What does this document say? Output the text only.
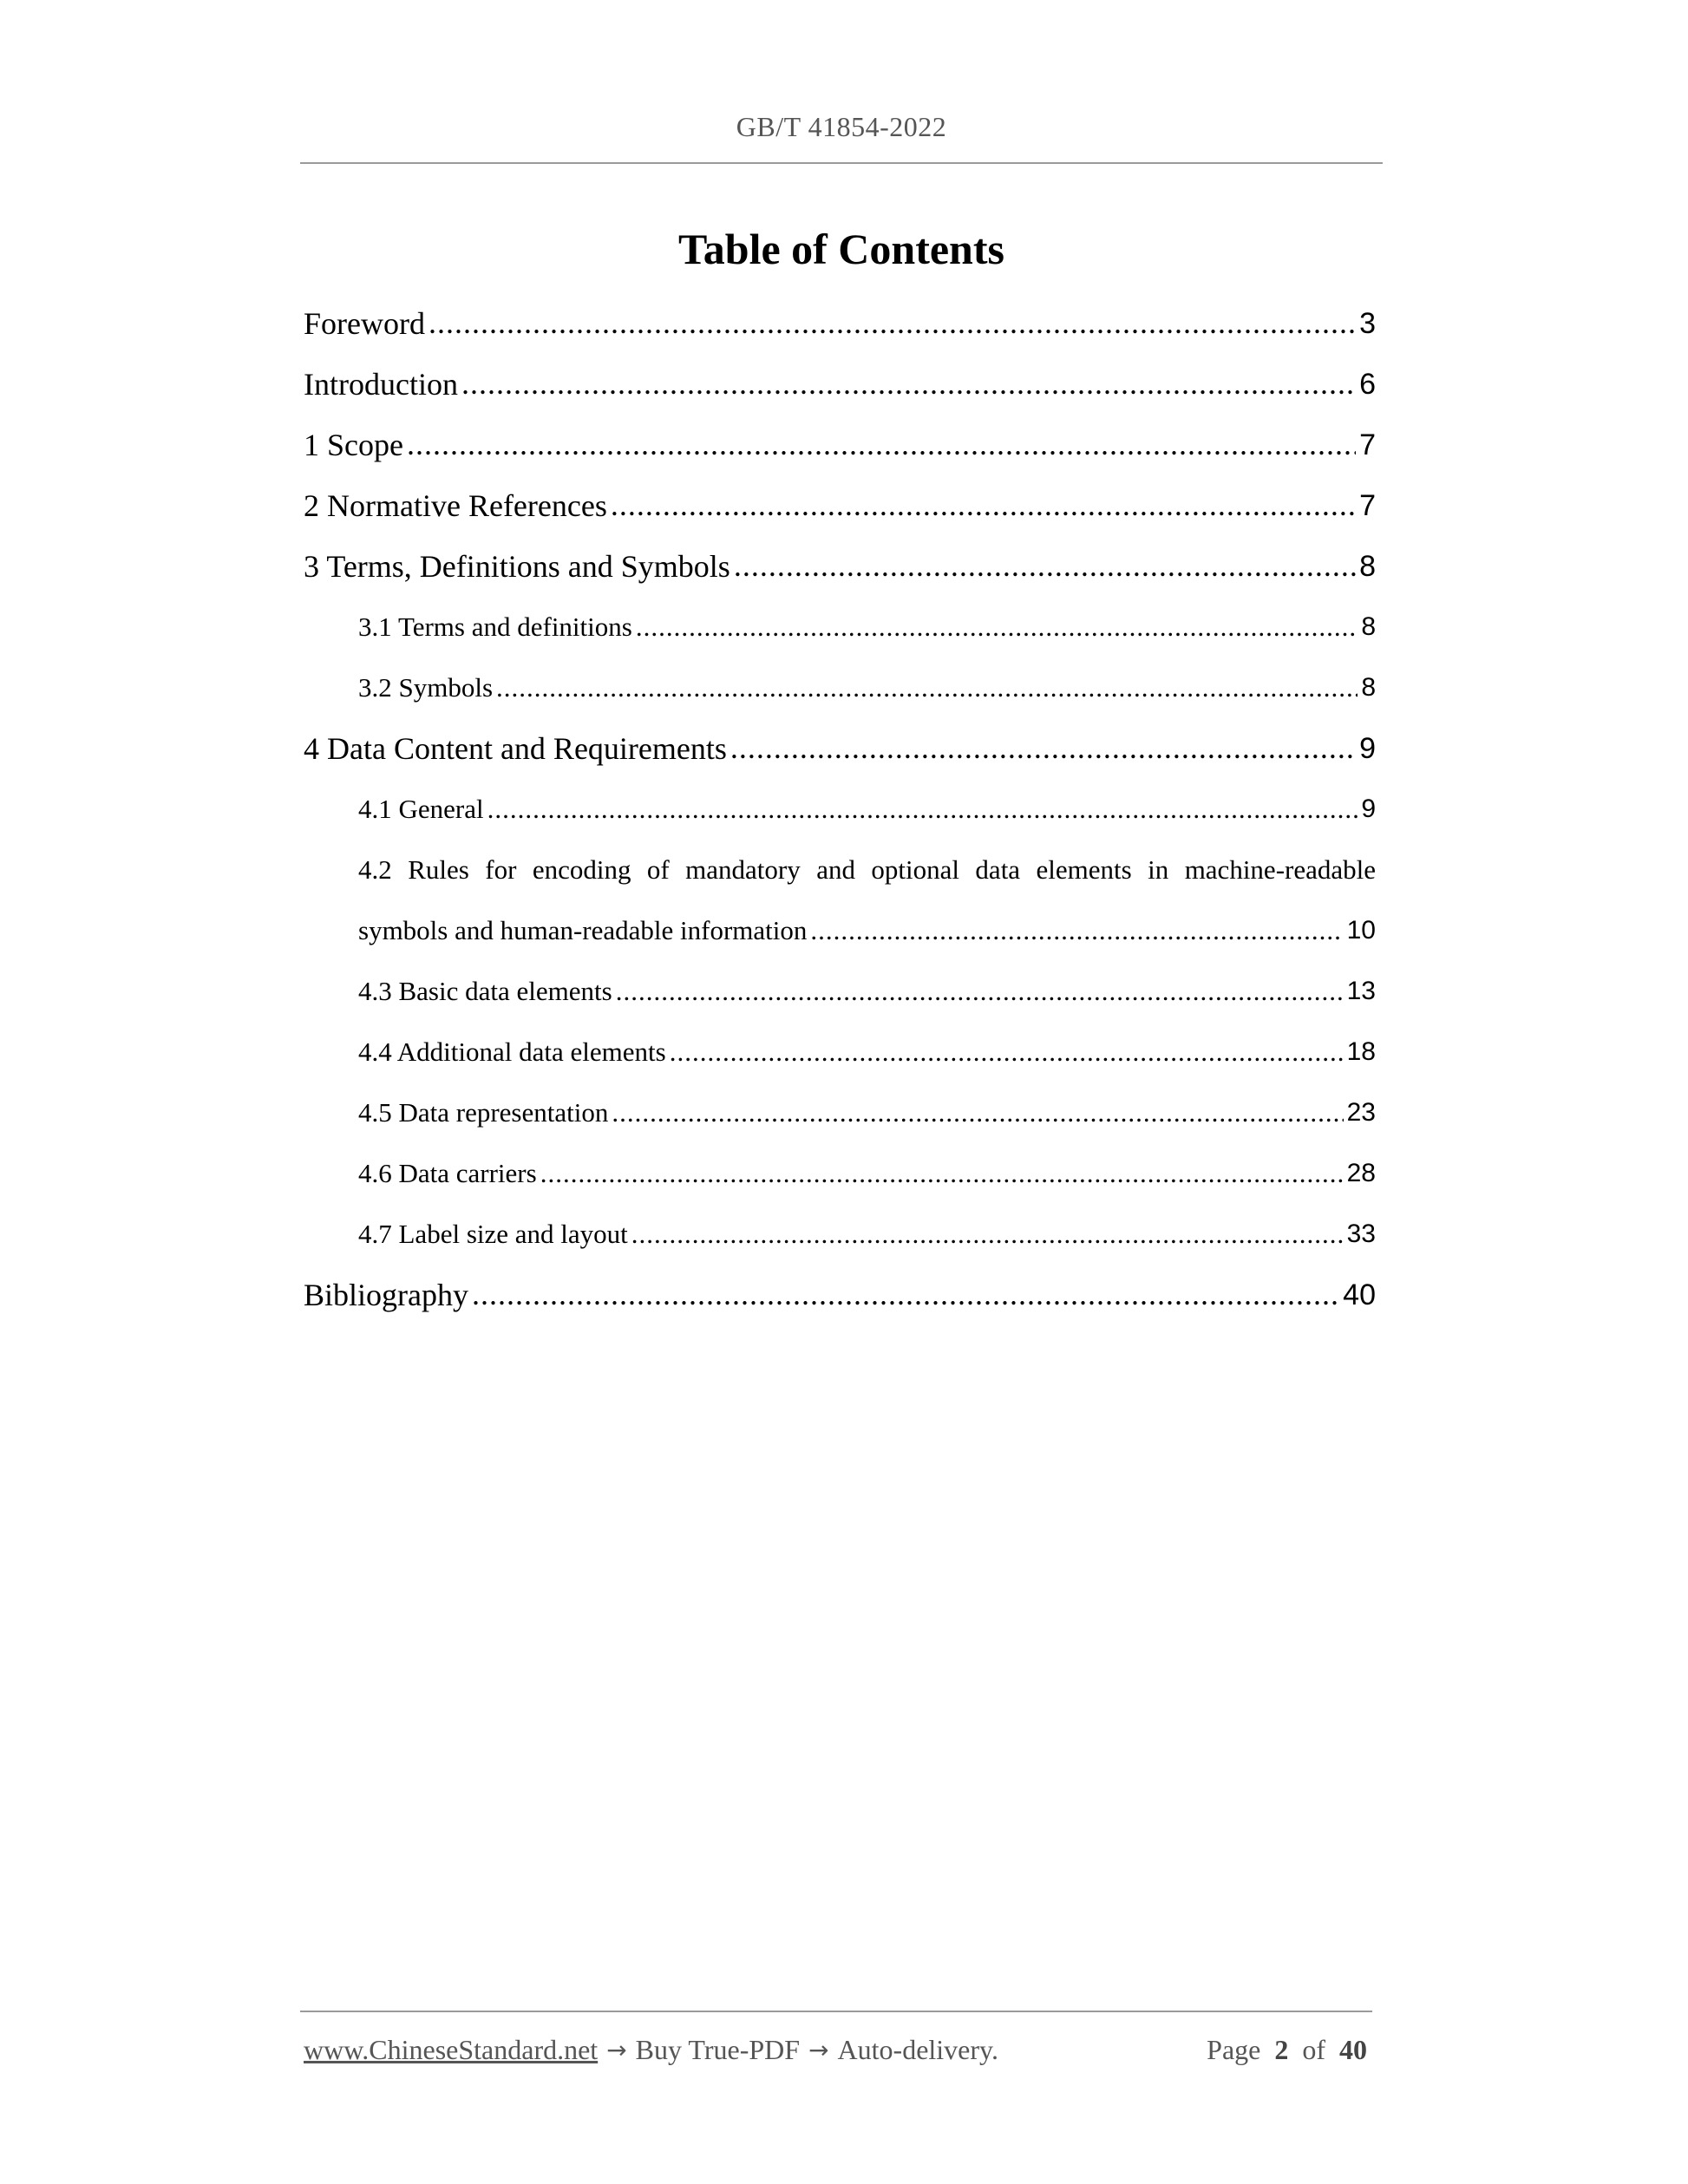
GB/T 41854-2022
Table of Contents
Foreword .....	3
Introduction .....	6
1 Scope .....	7
2 Normative References .....	7
3 Terms, Definitions and Symbols .....	8
3.1 Terms and definitions .....	8
3.2 Symbols .....	8
4 Data Content and Requirements .....	9
4.1 General .....	9
4.2 Rules for encoding of mandatory and optional data elements in machine-readable
symbols and human-readable information .....	10
4.3 Basic data elements .....	13
4.4 Additional data elements .....	18
4.5 Data representation .....	23
4.6 Data carriers .....	28
4.7 Label size and layout .....	33
Bibliography .....	40
www.ChineseStandard.net → Buy True-PDF → Auto-delivery.	Page 2 of 40
